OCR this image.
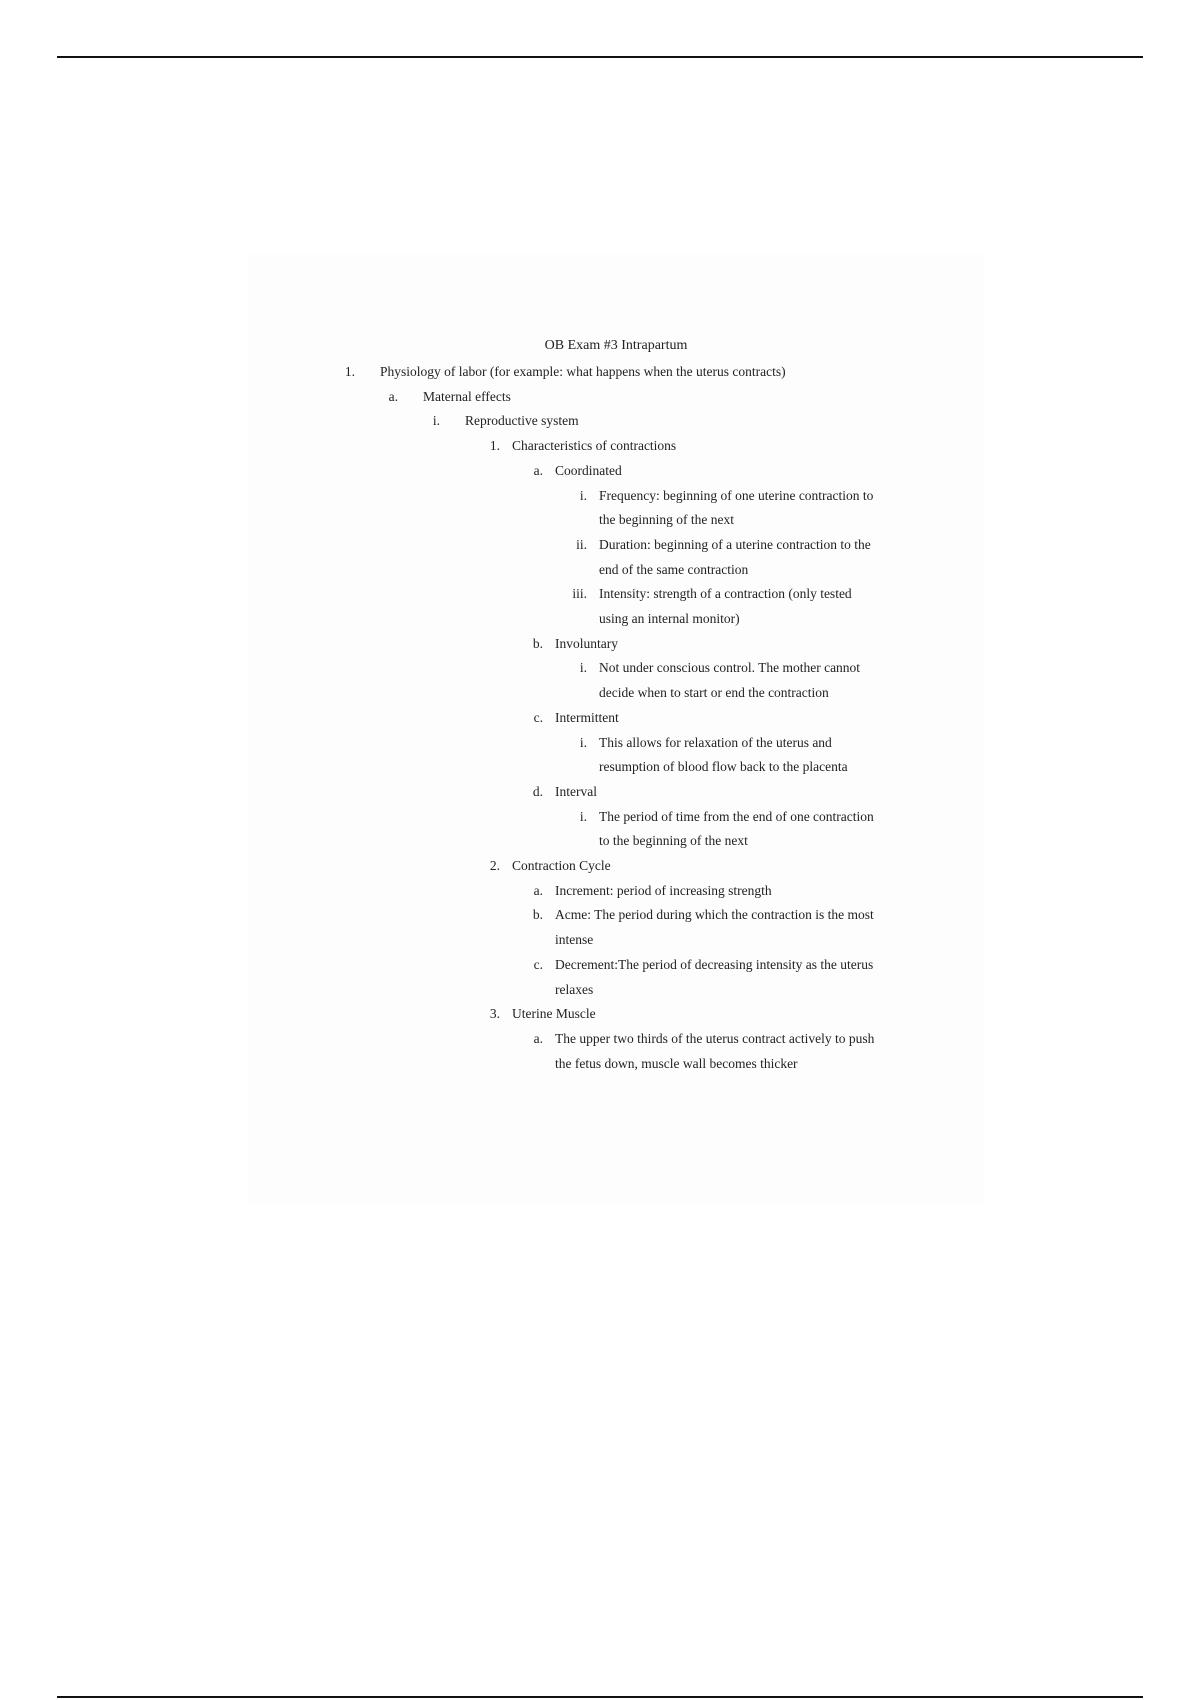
OB Exam #3 Intrapartum
1. Physiology of labor (for example: what happens when the uterus contracts)
a. Maternal effects
i. Reproductive system
1. Characteristics of contractions
a. Coordinated
i. Frequency: beginning of one uterine contraction to
the beginning of the next
ii. Duration: beginning of a uterine contraction to the
end of the same contraction
iii. Intensity: strength of a contraction (only tested
using an internal monitor)
b. Involuntary
i. Not under conscious control. The mother cannot
decide when to start or end the contraction
c. Intermittent
i. This allows for relaxation of the uterus and
resumption of blood flow back to the placenta
d. Interval
i. The period of time from the end of one contraction
to the beginning of the next
2. Contraction Cycle
a. Increment: period of increasing strength
b. Acme: The period during which the contraction is the most
intense
c. Decrement:The period of decreasing intensity as the uterus
relaxes
3. Uterine Muscle
a. The upper two thirds of the uterus contract actively to push
the fetus down, muscle wall becomes thicker
